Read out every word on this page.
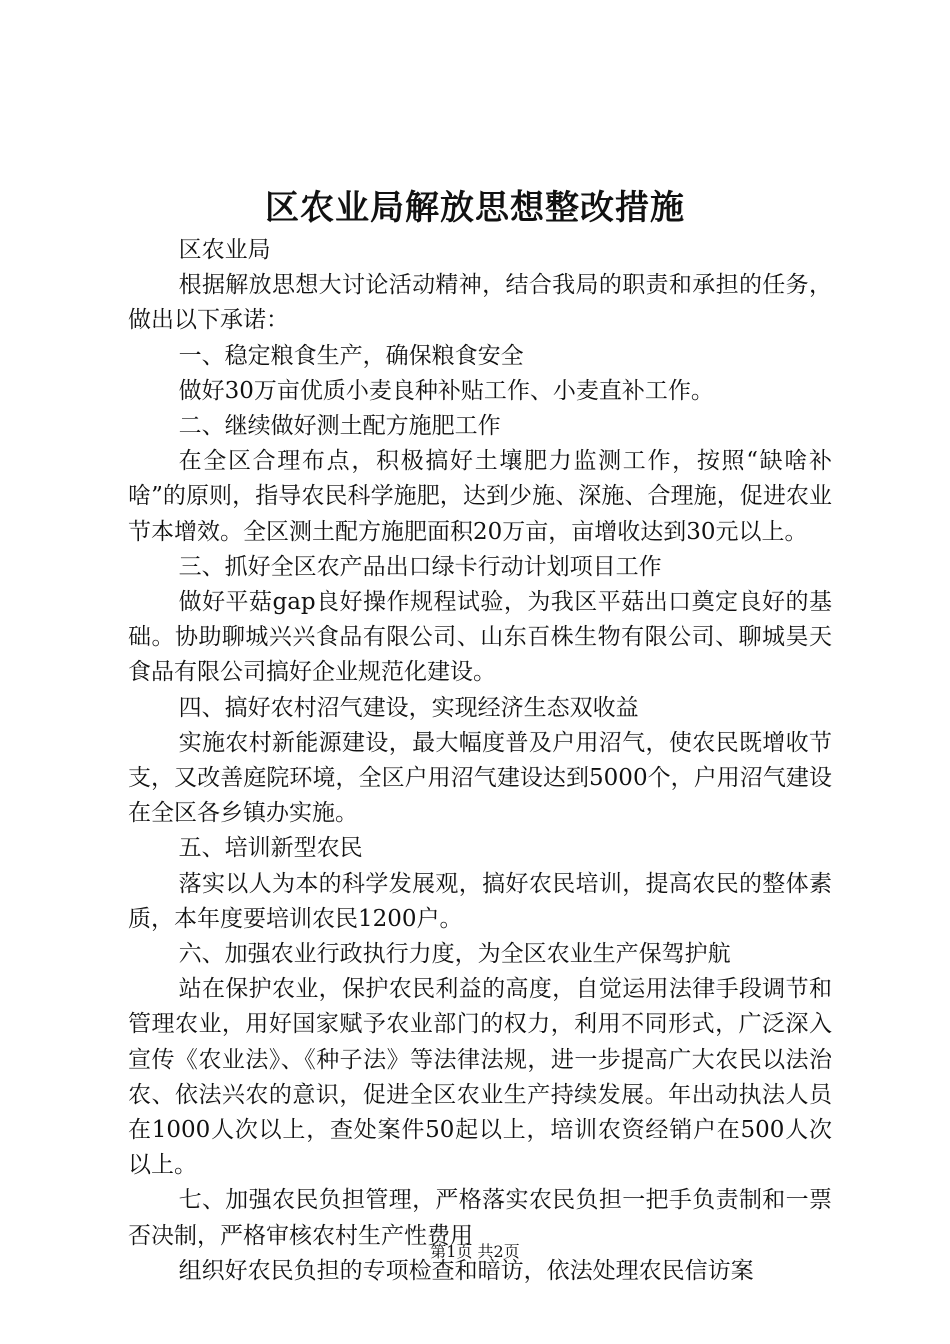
区农业局解放思想整改措施

区农业局

根据解放思想大讨论活动精神，结合我局的职责和承担的任务，做出以下承诺：

一、稳定粮食生产，确保粮食安全

做好30万亩优质小麦良种补贴工作、小麦直补工作。

二、继续做好测土配方施肥工作

在全区合理布点，积极搞好土壤肥力监测工作，按照“缺啥补啥”的原则，指导农民科学施肥，达到少施、深施、合理施，促进农业节本增效。全区测土配方施肥面积20万亩，亩增收达到30元以上。

三、抓好全区农产品出口绿卡行动计划项目工作

做好平菇gap良好操作规程试验，为我区平菇出口奠定良好的基础。协助聊城兴兴食品有限公司、山东百株生物有限公司、聊城昊天食品有限公司搞好企业规范化建设。

四、搞好农村沼气建设，实现经济生态双收益

实施农村新能源建设，最大幅度普及户用沼气，使农民既增收节支，又改善庭院环境，全区户用沼气建设达到5000个，户用沼气建设在全区各乡镇办实施。

五、培训新型农民

落实以人为本的科学发展观，搞好农民培训，提高农民的整体素质，本年度要培训农民1200户。

六、加强农业行政执行力度，为全区农业生产保驾护航

站在保护农业，保护农民利益的高度，自觉运用法律手段调节和管理农业，用好国家赋予农业部门的权力，利用不同形式，广泛深入宣传《农业法》、《种子法》等法律法规，进一步提高广大农民以法治农、依法兴农的意识，促进全区农业生产持续发展。年出动执法人员在1000人次以上，查处案件50起以上，培训农资经销户在500人次以上。

七、加强农民负担管理，严格落实农民负担一把手负责制和一票否决制，严格审核农村生产性费用

组织好农民负担的专项检查和暗访，依法处理农民信访案

第1页 共2页
